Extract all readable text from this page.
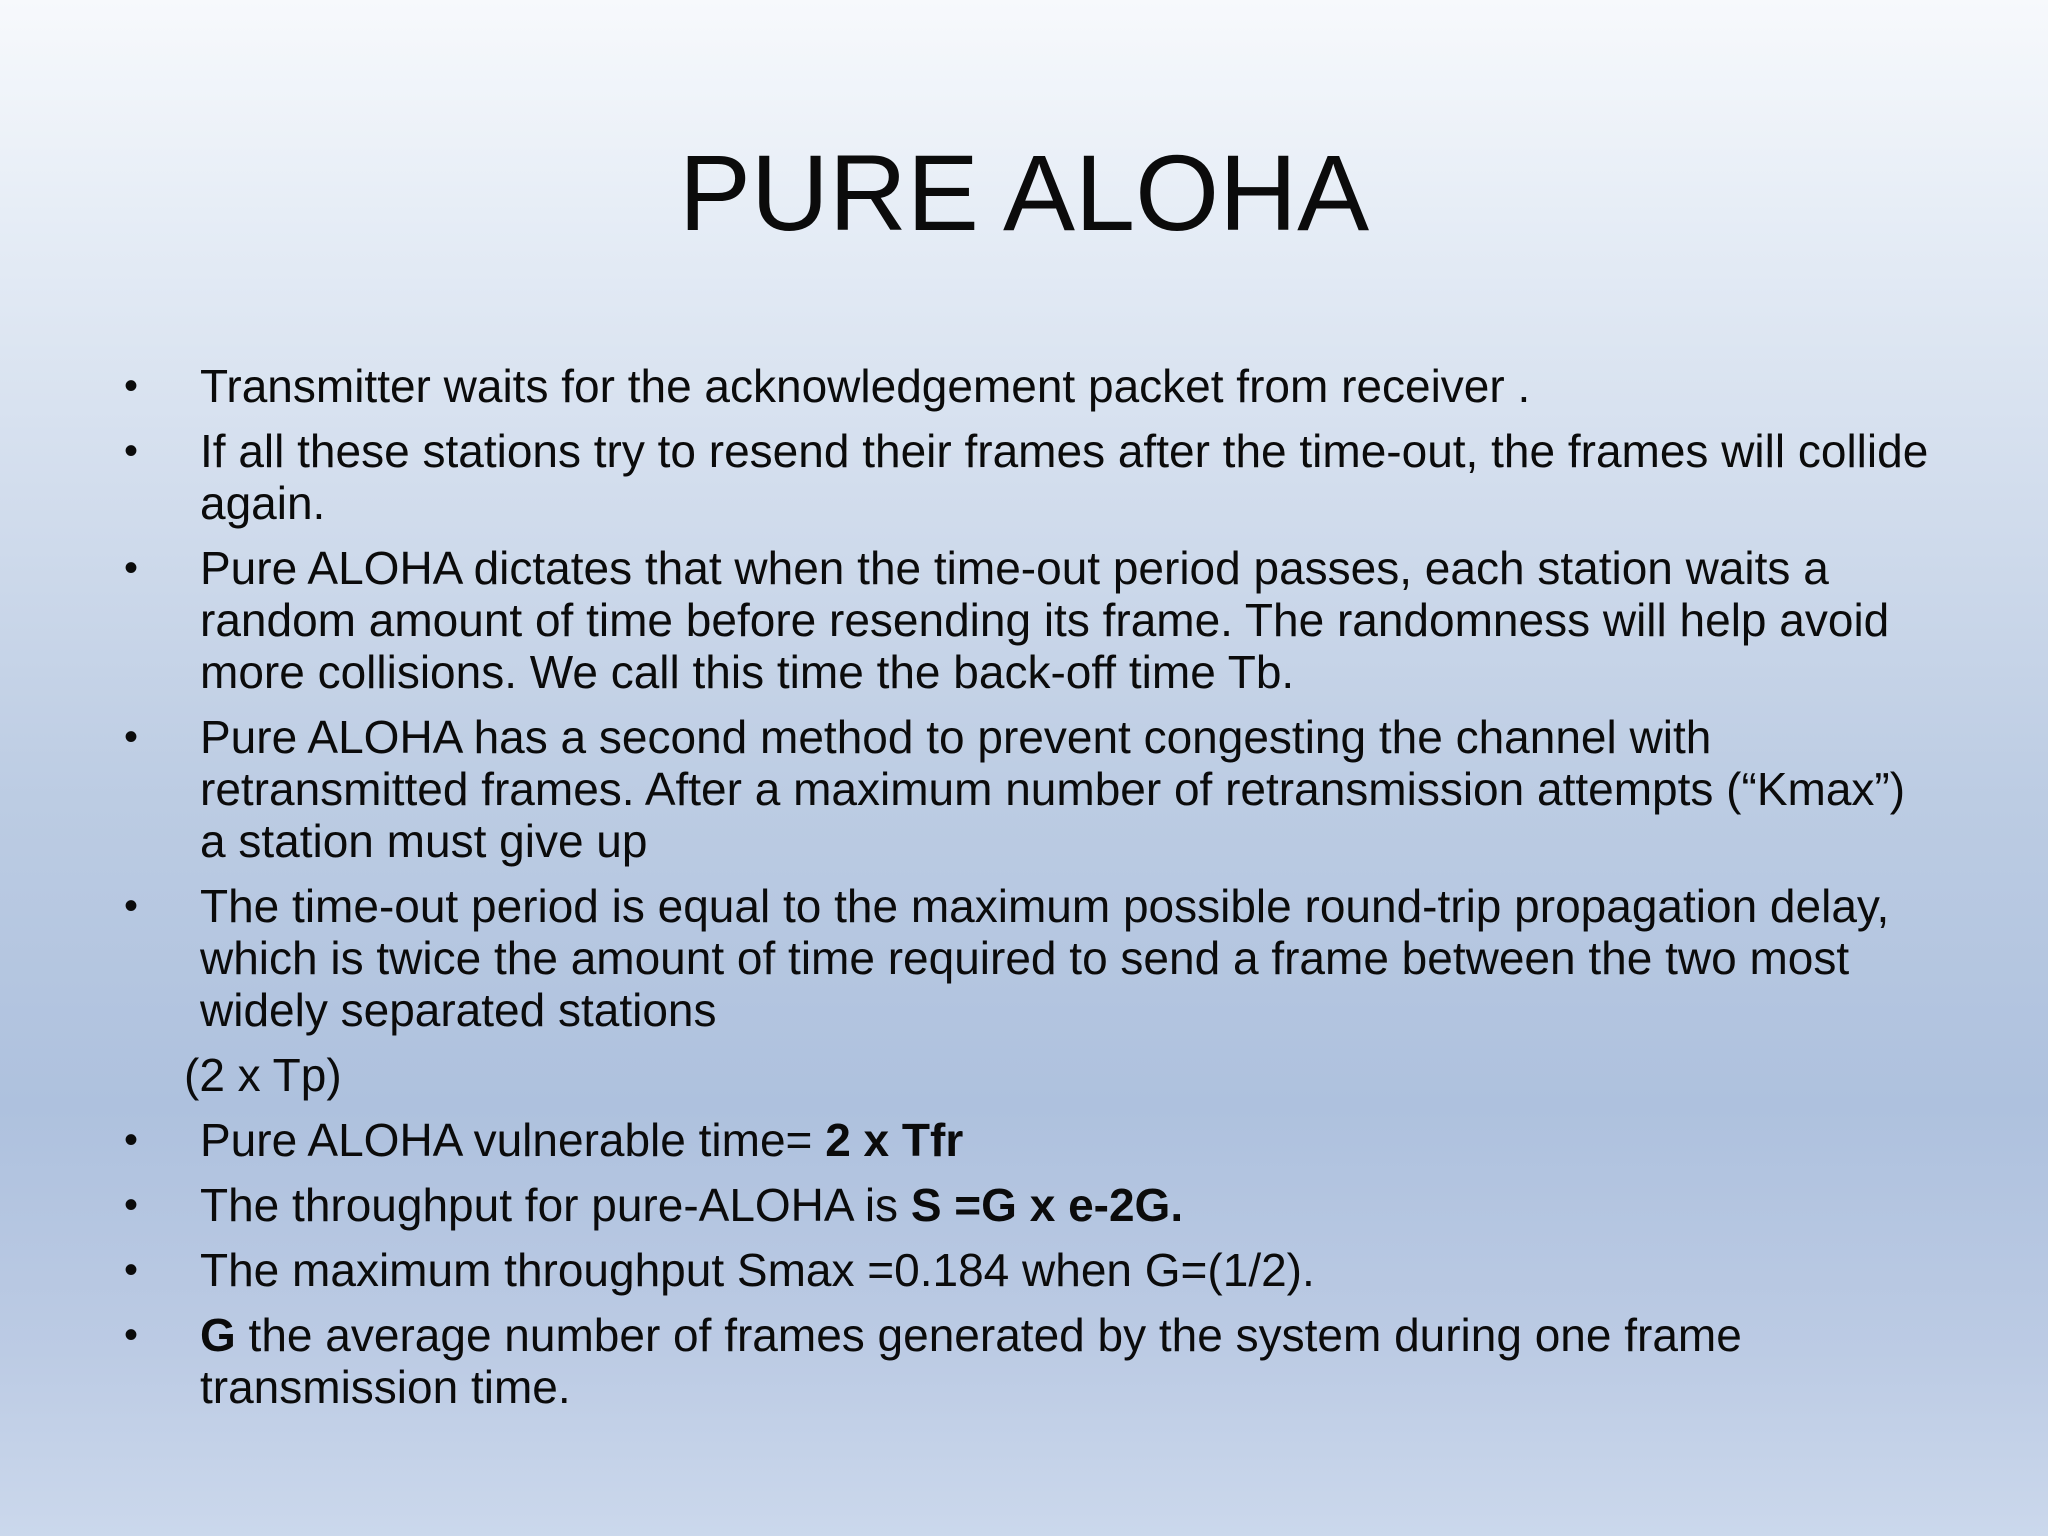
PURE ALOHA
•	Transmitter waits for the acknowledgement packet from receiver .
•	If all these stations try to resend their frames after the time-out, the frames will collide again.
•	Pure ALOHA dictates that when the time-out period passes, each station waits a random amount of time before resending its frame. The randomness will help avoid more collisions. We call this time the back-off time Tb.
•	Pure ALOHA has a second method to prevent congesting the channel with retransmitted frames. After a maximum number of retransmission attempts (“Kmax”) a station must give up
•	The time-out period is equal to the maximum possible round-trip propagation delay, which is twice the amount of time required to send a frame between the two most widely separated stations
(2 x Tp)
•	Pure ALOHA vulnerable time= 2 x Tfr
•	The throughput for pure-ALOHA is S =G x e-2G.
•	The maximum throughput Smax =0.184 when G=(1/2).
•	G the average number of frames generated by the system during one frame transmission time.
